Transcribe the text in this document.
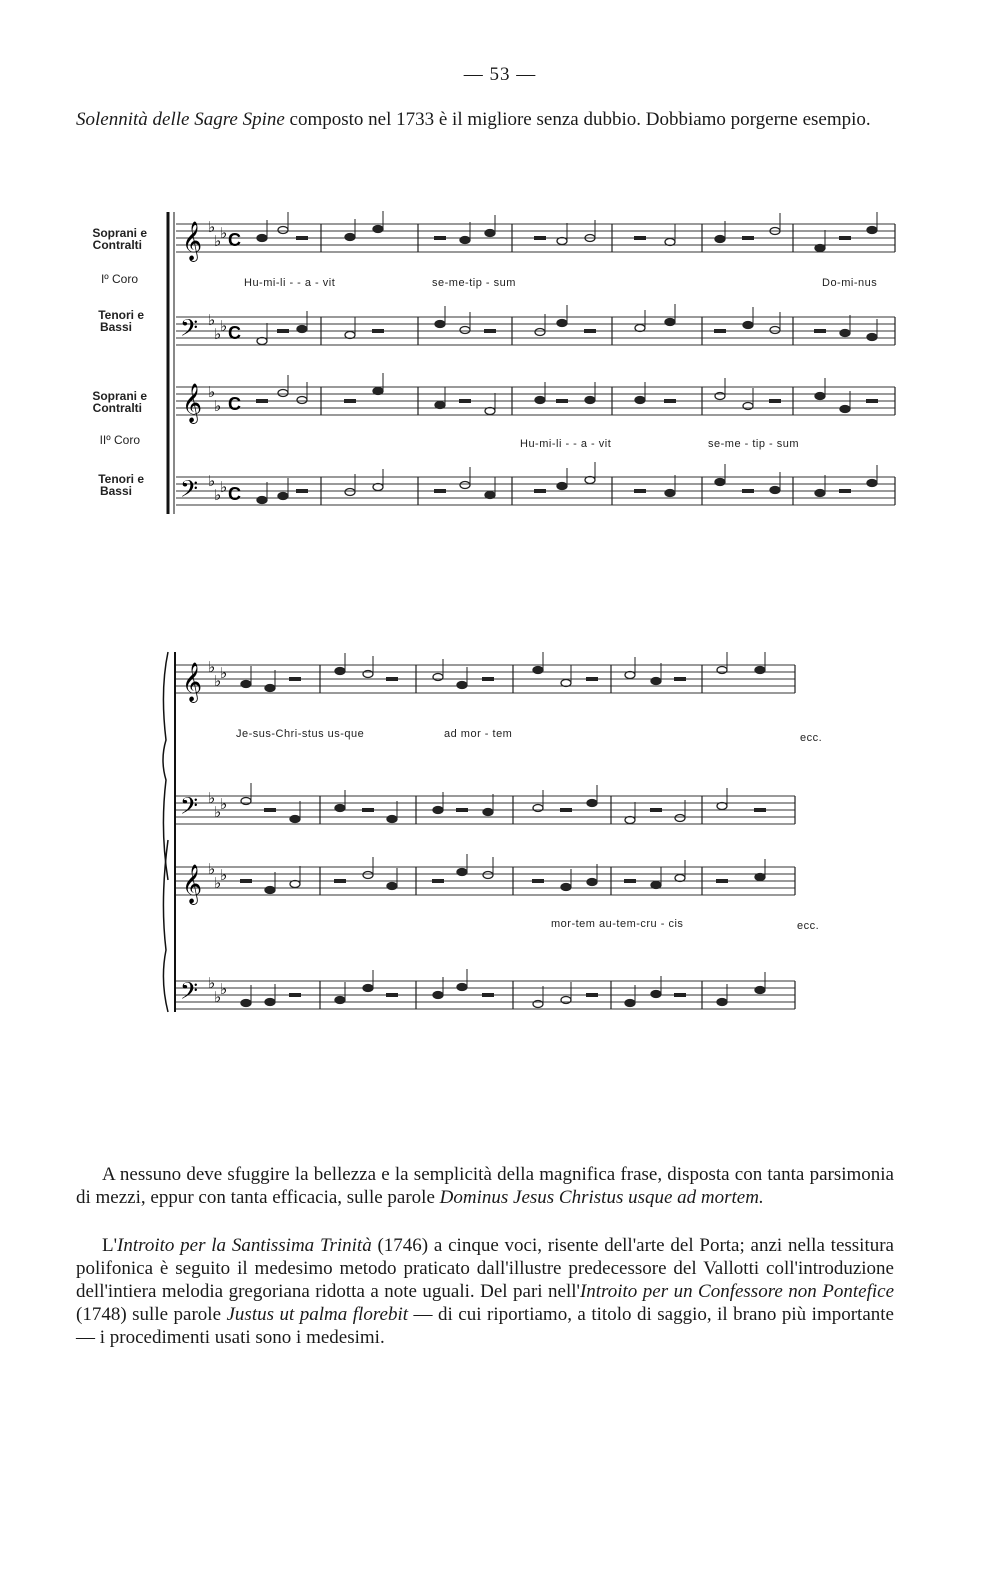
— 53 —

Solennità delle Sagre Spine composto nel 1733 è il migliore senza dubbio. Dobbiamo porgerne esempio.

𝄞
𝄢
𝄞
𝄢
♭
♭
♭
♭
♭
♭
♭
♭
♭
♭
♭
C
C
C
C
Soprani e
Contralti
Iº Coro
Tenori e
Bassi
Soprani e
Contralti
IIº Coro
Tenori e
Bassi
Hu-mi-li - - a - vit	se-me-tip - sum	Do-mi-nus
Hu-mi-li - - a - vit	se-me - tip - sum
𝄞
𝄢
𝄞
𝄢
♭
♭
♭
♭
♭
♭
♭
♭
♭
♭
♭
♭
Je-sus-Chri-stus us-que	ad mor - tem	ecc.
mor-tem au-tem-cru - cis	ecc.

A nessuno deve sfuggire la bellezza e la semplicità della magnifica frase, disposta con tanta parsimonia di mezzi, eppur con tanta efficacia, sulle parole Dominus Jesus Christus usque ad mortem.

L'Introito per la Santissima Trinità (1746) a cinque voci, risente dell'arte del Porta; anzi nella tessitura polifonica è seguito il medesimo metodo praticato dall'illustre predecessore del Vallotti coll'introduzione dell'intiera melodia gregoriana ridotta a note uguali. Del pari nell'Introito per un Confessore non Pontefice (1748) sulle parole Justus ut palma florebit — di cui riportiamo, a titolo di saggio, il brano più importante — i procedimenti usati sono i medesimi.
